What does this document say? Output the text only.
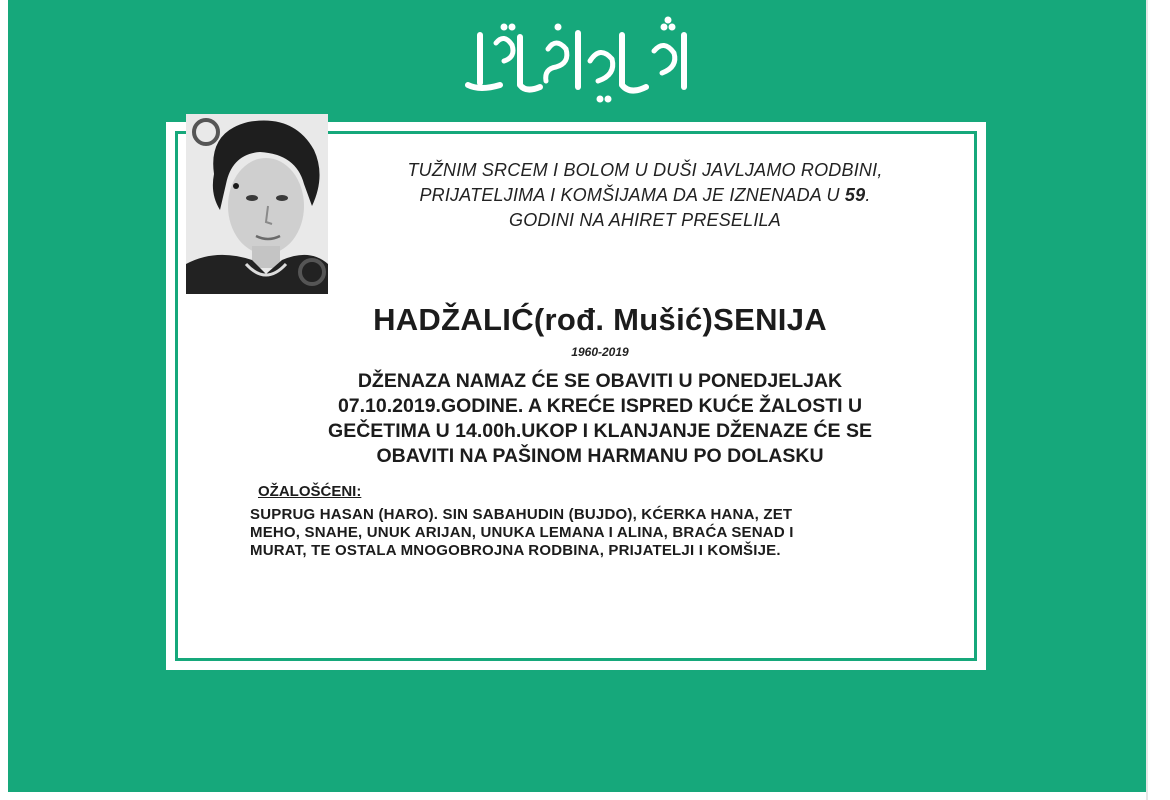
TUŽNIM SRCEM I BOLOM U DUŠI JAVLJAMO RODBINI,
PRIJATELJIMA I KOMŠIJAMA DA JE IZNENADA U 59.
GODINI NA AHIRET PRESELILA
HADŽALIĆ(rođ. Mušić)SENIJA
1960-2019
DŽENAZA NAMAZ ĆE SE OBAVITI U PONEDJELJAK
07.10.2019.GODINE. A KREĆE ISPRED KUĆE ŽALOSTI U
GEČETIMA U 14.00h.UKOP I KLANJANJE DŽENAZE ĆE SE
OBAVITI NA PAŠINOM HARMANU PO DOLASKU
OŽALOŠĆENI:
SUPRUG HASAN (HARO). SIN SABAHUDIN (BUJDO), KĆERKA HANA, ZET
MEHO, SNAHE, UNUK ARIJAN, UNUKA LEMANA I ALINA, BRAĆA SENAD I
MURAT, TE OSTALA MNOGOBROJNA RODBINA, PRIJATELJI I KOMŠIJE.
